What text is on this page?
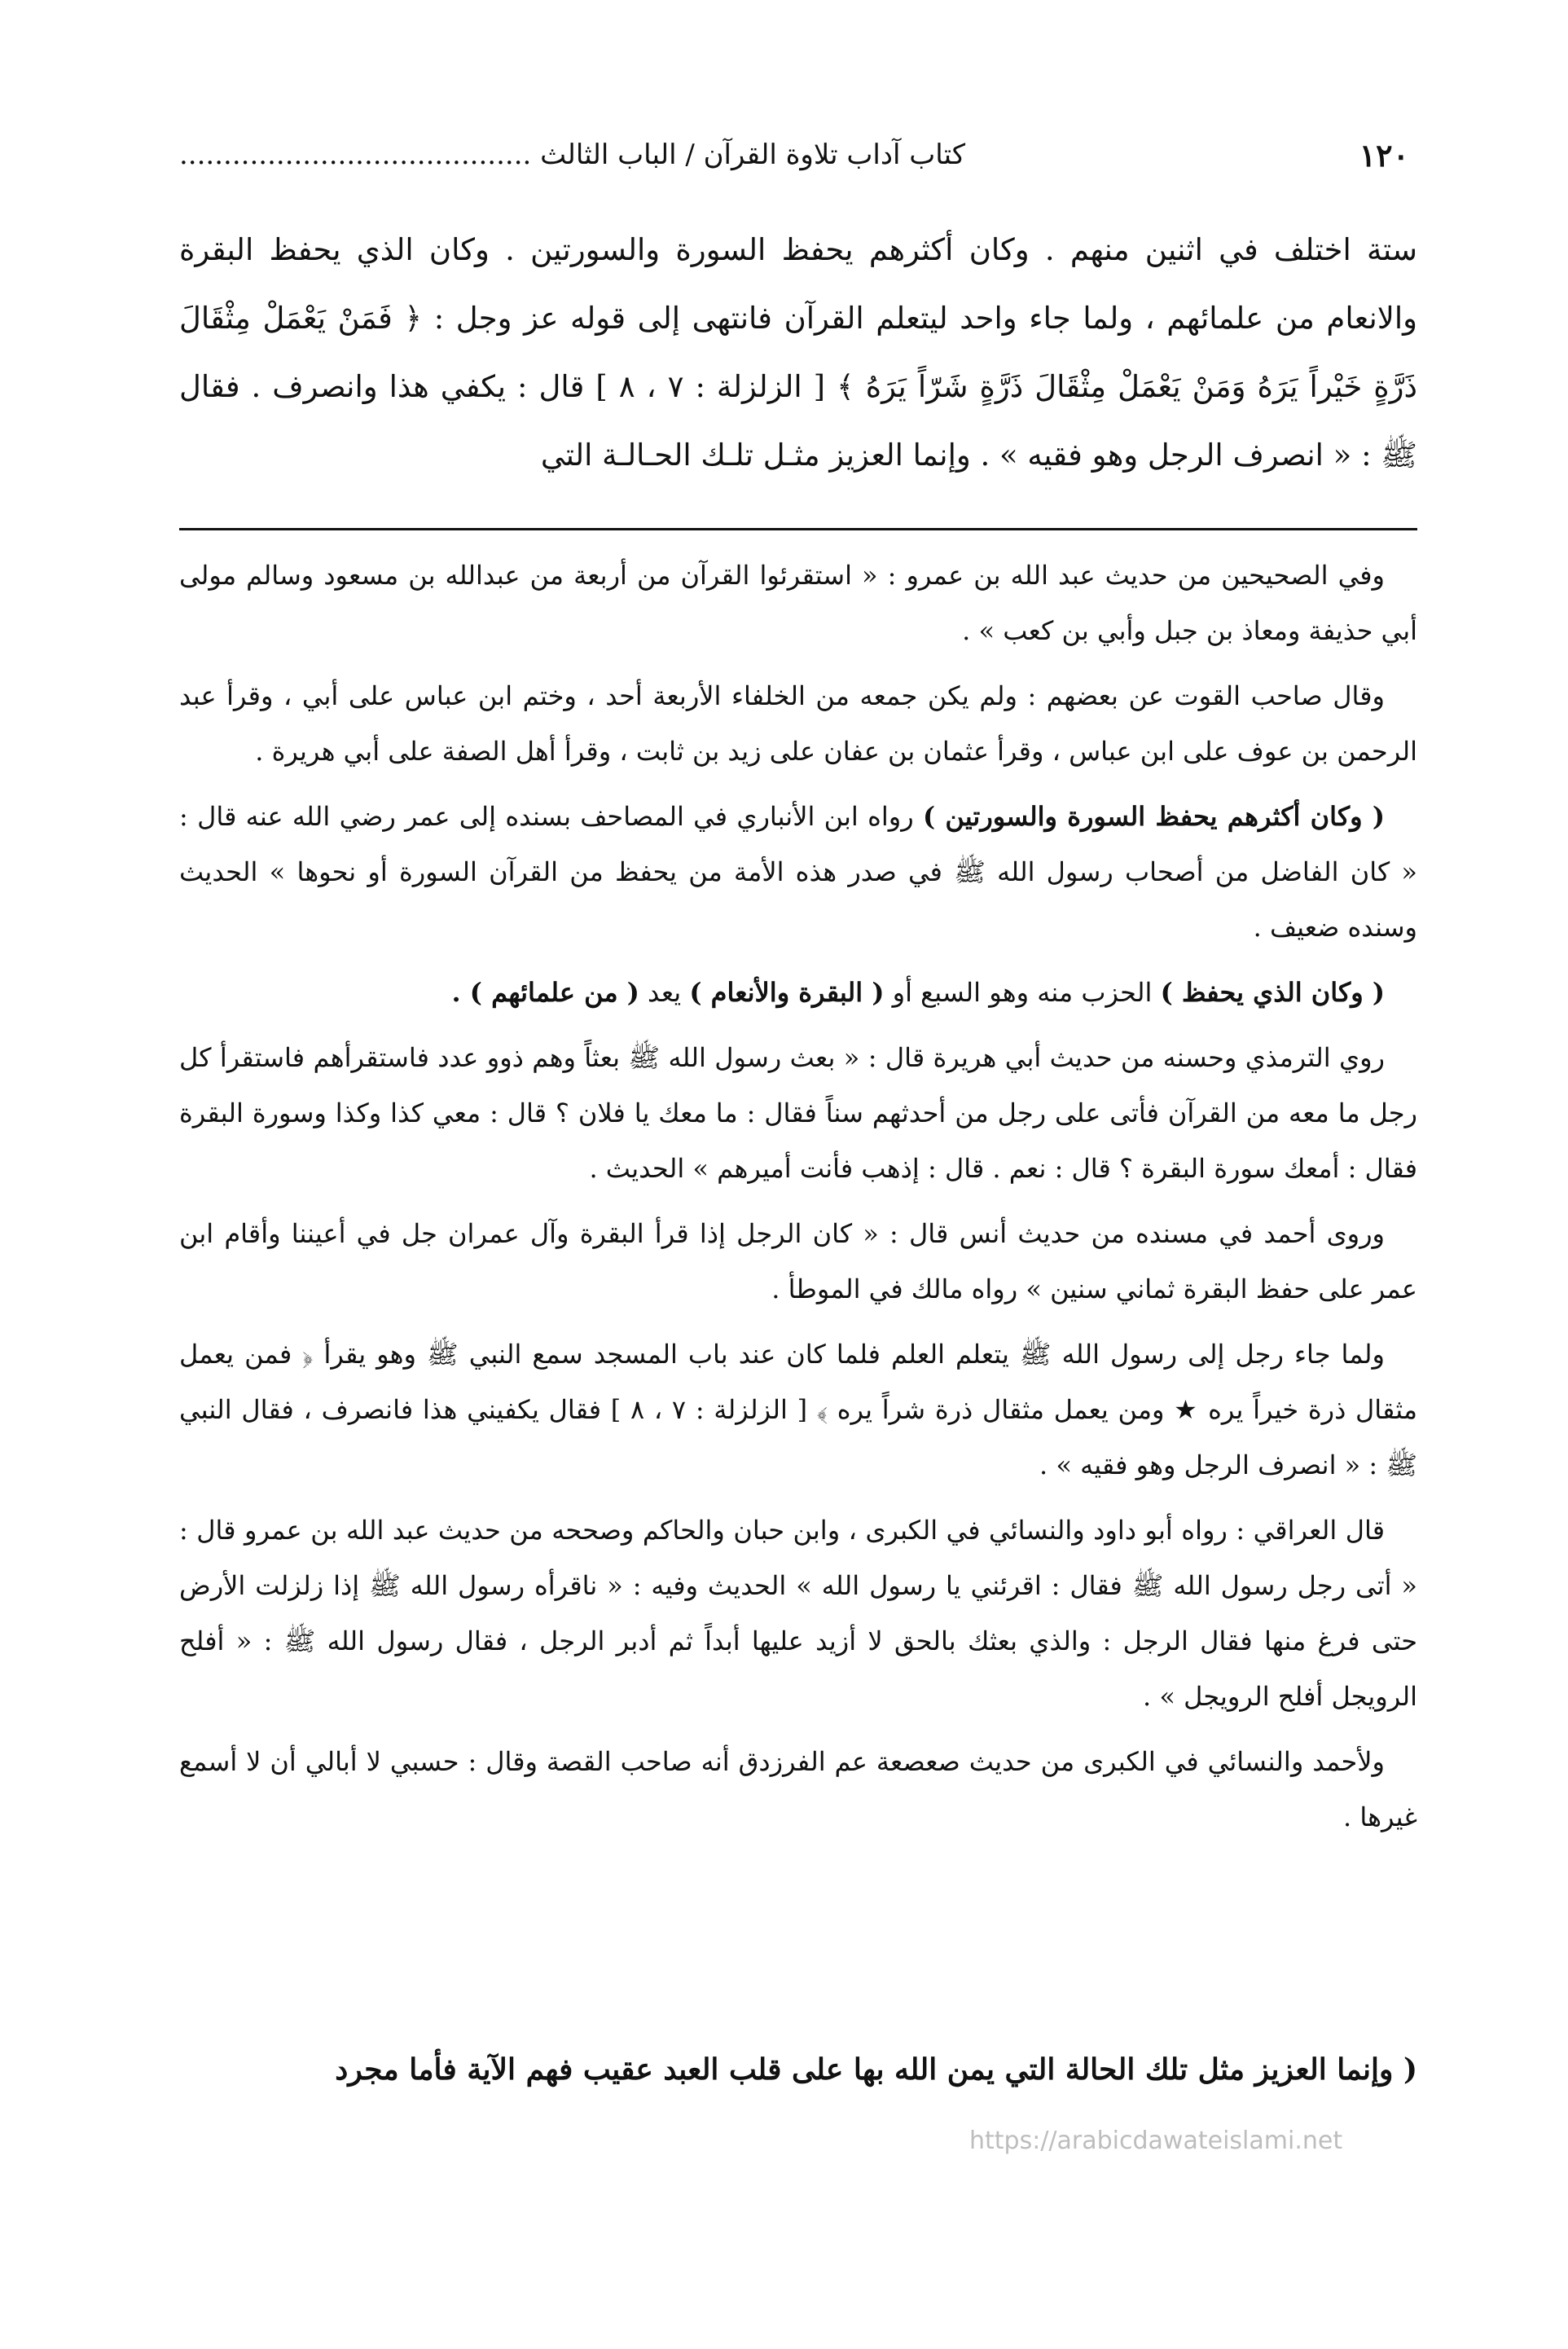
١٢٠
كتاب آداب تلاوة القرآن / الباب الثالث ........................................
ستة اختلف في اثنين منهم . وكان أكثرهم يحفظ السورة والسورتين . وكان الذي يحفظ البقرة والانعام من علمائهم ، ولما جاء واحد ليتعلم القرآن فانتهى إلى قوله عز وجل : ﴿ فَمَنْ يَعْمَلْ مِثْقَالَ ذَرَّةٍ خَيْراً يَرَهُ وَمَنْ يَعْمَلْ مِثْقَالَ ذَرَّةٍ شَرّاً يَرَهُ ﴾ [ الزلزلة : ٧ ، ٨ ] قال : يكفي هذا وانصرف . فقال ﷺ : « انصرف الرجل وهو فقيه » . وإنما العزيز مثـل تلـك الحـالـة التي

وفي الصحيحين من حديث عبد الله بن عمرو : « استقرئوا القرآن من أربعة من عبدالله بن مسعود وسالم مولى أبي حذيفة ومعاذ بن جبل وأبي بن كعب » .

وقال صاحب القوت عن بعضهم : ولم يكن جمعه من الخلفاء الأربعة أحد ، وختم ابن عباس على أبي ، وقرأ عبد الرحمن بن عوف على ابن عباس ، وقرأ عثمان بن عفان على زيد بن ثابت ، وقرأ أهل الصفة على أبي هريرة .

( وكان أكثرهم يحفظ السورة والسورتين ) رواه ابن الأنباري في المصاحف بسنده إلى عمر رضي الله عنه قال : « كان الفاضل من أصحاب رسول الله ﷺ في صدر هذه الأمة من يحفظ من القرآن السورة أو نحوها » الحديث وسنده ضعيف .

( وكان الذي يحفظ ) الحزب منه وهو السبع أو ( البقرة والأنعام ) يعد ( من علمائهم ) .

روي الترمذي وحسنه من حديث أبي هريرة قال : « بعث رسول الله ﷺ بعثاً وهم ذوو عدد فاستقرأهم فاستقرأ كل رجل ما معه من القرآن فأتى على رجل من أحدثهم سناً فقال : ما معك يا فلان ؟ قال : معي كذا وكذا وسورة البقرة فقال : أمعك سورة البقرة ؟ قال : نعم . قال : إذهب فأنت أميرهم » الحديث .

وروى أحمد في مسنده من حديث أنس قال : « كان الرجل إذا قرأ البقرة وآل عمران جل في أعيننا وأقام ابن عمر على حفظ البقرة ثماني سنين » رواه مالك في الموطأ .

ولما جاء رجل إلى رسول الله ﷺ يتعلم العلم فلما كان عند باب المسجد سمع النبي ﷺ وهو يقرأ ﴿ فمن يعمل مثقال ذرة خيراً يره ★ ومن يعمل مثقال ذرة شراً يره ﴾ [ الزلزلة : ٧ ، ٨ ] فقال يكفيني هذا فانصرف ، فقال النبي ﷺ : « انصرف الرجل وهو فقيه » .

قال العراقي : رواه أبو داود والنسائي في الكبرى ، وابن حبان والحاكم وصححه من حديث عبد الله بن عمرو قال : « أتى رجل رسول الله ﷺ فقال : اقرئني يا رسول الله » الحديث وفيه : « ناقرأه رسول الله ﷺ إذا زلزلت الأرض حتى فرغ منها فقال الرجل : والذي بعثك بالحق لا أزيد عليها أبداً ثم أدبر الرجل ، فقال رسول الله ﷺ : « أفلح الرويجل أفلح الرويجل » .

ولأحمد والنسائي في الكبرى من حديث صعصعة عم الفرزدق أنه صاحب القصة وقال : حسبي لا أبالي أن لا أسمع غيرها .

( وإنما العزيز مثل تلك الحالة التي يمن الله بها على قلب العبد عقيب فهم الآية فأما مجرد
https://arabicdawateislami.net
